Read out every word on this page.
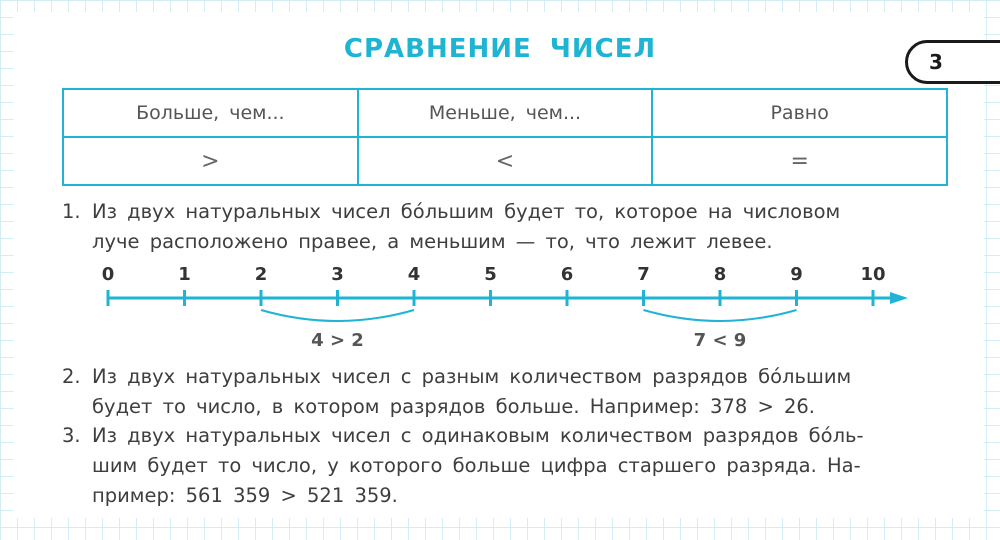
СРАВНЕНИЕ ЧИСЕЛ	3
Больше, чем...	Меньше, чем...	Равно
>	<	=
1. Из двух натуральных чисел бóльшим будет то, которое на числовом
луче расположено правее, а меньшим — то, что лежит левее.
0	1	2	3	4	5	6	7	8	9	10
4 > 2	7 < 9
2. Из двух натуральных чисел с разным количеством разрядов бóльшим
будет то число, в котором разрядов больше. Например: 378 > 26.
3. Из двух натуральных чисел с одинаковым количеством разрядов бóль-
шим будет то число, у которого больше цифра старшего разряда. На-
пример: 561 359 > 521 359.
